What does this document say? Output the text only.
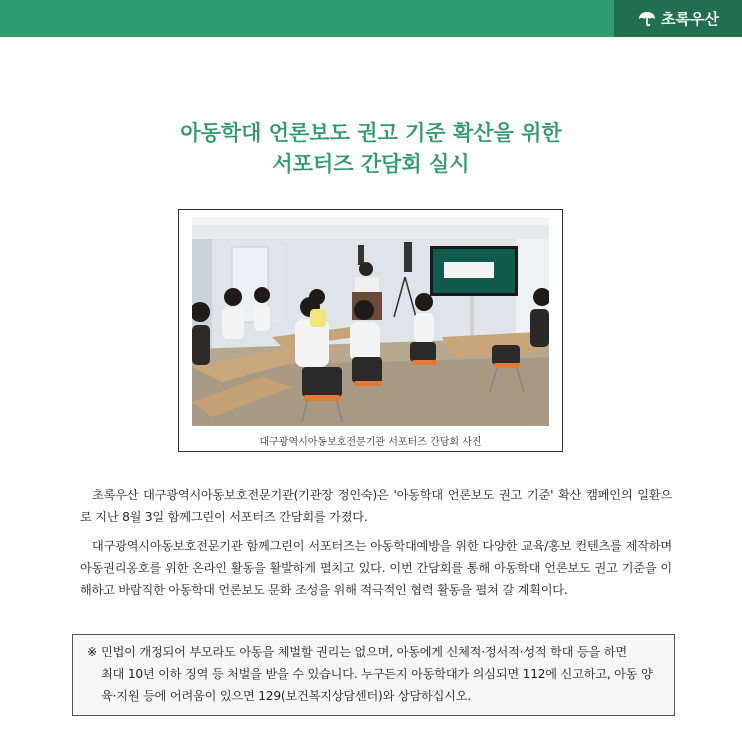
초록우산
아동학대 언론보도 권고 기준 확산을 위한
서포터즈 간담회 실시
대구광역시아동보호전문기관 서포터즈 간담회 사진
초록우산 대구광역시아동보호전문기관(기관장 정인숙)은 '아동학대 언론보도 권고 기준' 확산 캠페인의 일환으로 지난 8월 3일 함께그린이 서포터즈 간담회를 가졌다.
대구광역시아동보호전문기관 함께그린이 서포터즈는 아동학대예방을 위한 다양한 교육/홍보 컨텐츠를 제작하며 아동권리옹호를 위한 온라인 활동을 활발하게 펼치고 있다. 이번 간담회를 통해 아동학대 언론보도 권고 기준을 이해하고 바람직한 아동학대 언론보도 문화 조성을 위해 적극적인 협력 활동을 펼쳐 갈 계획이다.
※ 민법이 개정되어 부모라도 아동을 체벌할 권리는 없으며, 아동에게 신체적·정서적·성적 학대 등을 하면
최대 10년 이하 징역 등 처벌을 받을 수 있습니다. 누구든지 아동학대가 의심되면 112에 신고하고, 아동 양육·지원 등에 어려움이 있으면 129(보건복지상담센터)와 상담하십시오.
